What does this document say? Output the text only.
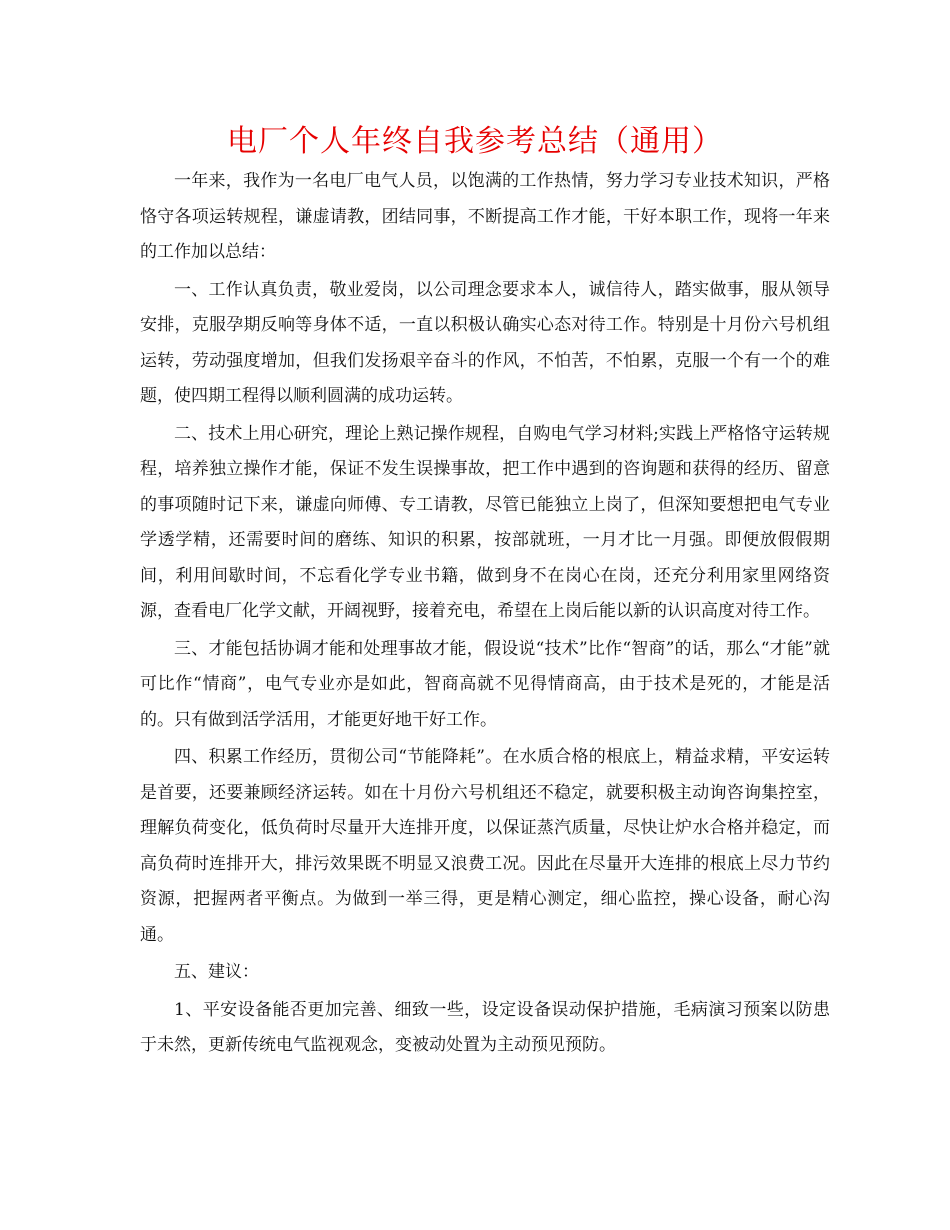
电厂个人年终自我参考总结（通用）

一年来，我作为一名电厂电气人员，以饱满的工作热情，努力学习专业技术知识，严格恪守各项运转规程，谦虚请教，团结同事，不断提高工作才能，干好本职工作，现将一年来的工作加以总结：

一、工作认真负责，敬业爱岗，以公司理念要求本人，诚信待人，踏实做事，服从领导安排，克服孕期反响等身体不适，一直以积极认确实心态对待工作。特别是十月份六号机组运转，劳动强度增加，但我们发扬艰辛奋斗的作风，不怕苦，不怕累，克服一个有一个的难题，使四期工程得以顺利圆满的成功运转。

二、技术上用心研究，理论上熟记操作规程，自购电气学习材料;实践上严格恪守运转规程，培养独立操作才能，保证不发生误操事故，把工作中遇到的咨询题和获得的经历、留意的事项随时记下来，谦虚向师傅、专工请教，尽管已能独立上岗了，但深知要想把电气专业学透学精，还需要时间的磨练、知识的积累，按部就班，一月才比一月强。即便放假假期间，利用间歇时间，不忘看化学专业书籍，做到身不在岗心在岗，还充分利用家里网络资源，查看电厂化学文献，开阔视野，接着充电，希望在上岗后能以新的认识高度对待工作。

三、才能包括协调才能和处理事故才能，假设说“技术”比作“智商”的话，那么“才能”就可比作“情商”，电气专业亦是如此，智商高就不见得情商高，由于技术是死的，才能是活的。只有做到活学活用，才能更好地干好工作。

四、积累工作经历，贯彻公司“节能降耗”。在水质合格的根底上，精益求精，平安运转是首要，还要兼顾经济运转。如在十月份六号机组还不稳定，就要积极主动询咨询集控室，理解负荷变化，低负荷时尽量开大连排开度，以保证蒸汽质量，尽快让炉水合格并稳定，而高负荷时连排开大，排污效果既不明显又浪费工况。因此在尽量开大连排的根底上尽力节约资源，把握两者平衡点。为做到一举三得，更是精心测定，细心监控，操心设备，耐心沟通。

五、建议：

1、平安设备能否更加完善、细致一些，设定设备误动保护措施，毛病演习预案以防患于未然，更新传统电气监视观念，变被动处置为主动预见预防。
